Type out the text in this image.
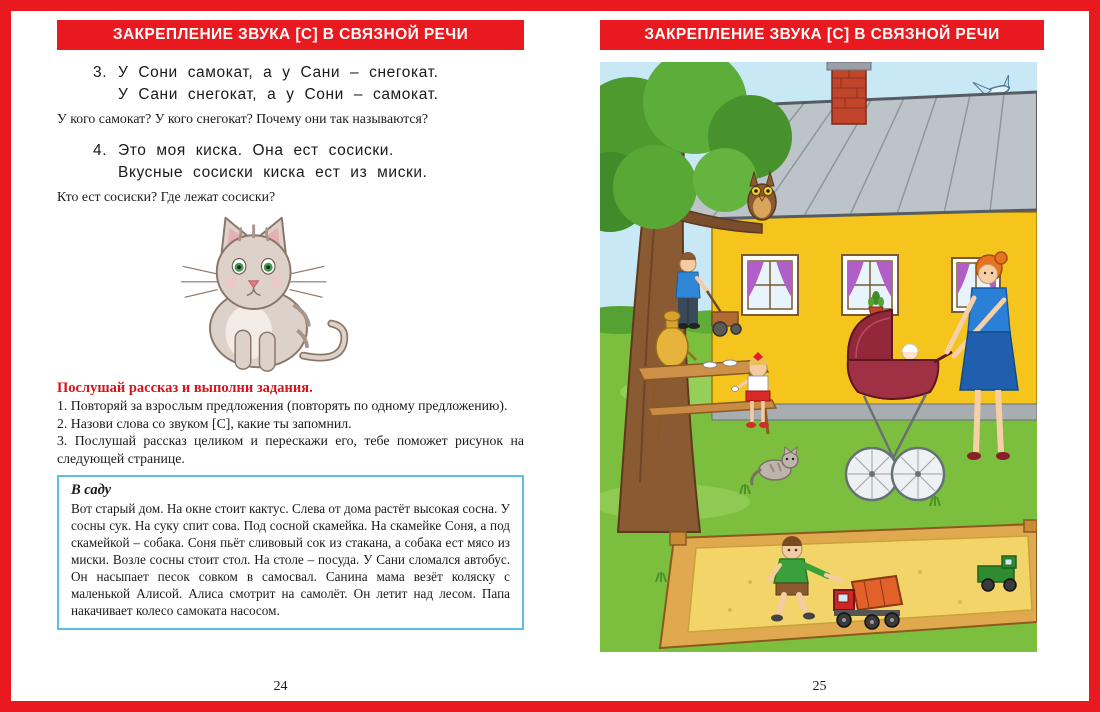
ЗАКРЕПЛЕНИЕ ЗВУКА [С] В СВЯЗНОЙ РЕЧИ
3. У Сони самокат, а у Сани – снегокат.
У Сани снегокат, а у Сони – самокат.
У кого самокат? У кого снегокат? Почему они так называются?
4. Это моя киска. Она ест сосиски.
Вкусные сосиски киска ест из миски.
Кто ест сосиски? Где лежат сосиски?
Послушай рассказ и выполни задания.
1. Повторяй за взрослым предложения (повторять по одному предложению).
2. Назови слова со звуком [С], какие ты запомнил.
3. Послушай рассказ целиком и перескажи его, тебе поможет рисунок на следующей странице.
В саду
Вот старый дом. На окне стоит кактус. Слева от дома растёт высокая сосна. У сосны сук. На суку спит сова. Под сосной скамейка. На скамейке Соня, а под скамейкой – собака. Соня пьёт сливовый сок из стакана, а собака ест мясо из миски. Возле сосны стоит стол. На столе – посуда. У Сани сломался автобус. Он насыпает песок совком в самосвал. Санина мама везёт коляску с маленькой Алисой. Алиса смотрит на самолёт. Он летит над лесом. Папа накачивает колесо самоката насосом.
24
ЗАКРЕПЛЕНИЕ ЗВУКА [С] В СВЯЗНОЙ РЕЧИ
25
